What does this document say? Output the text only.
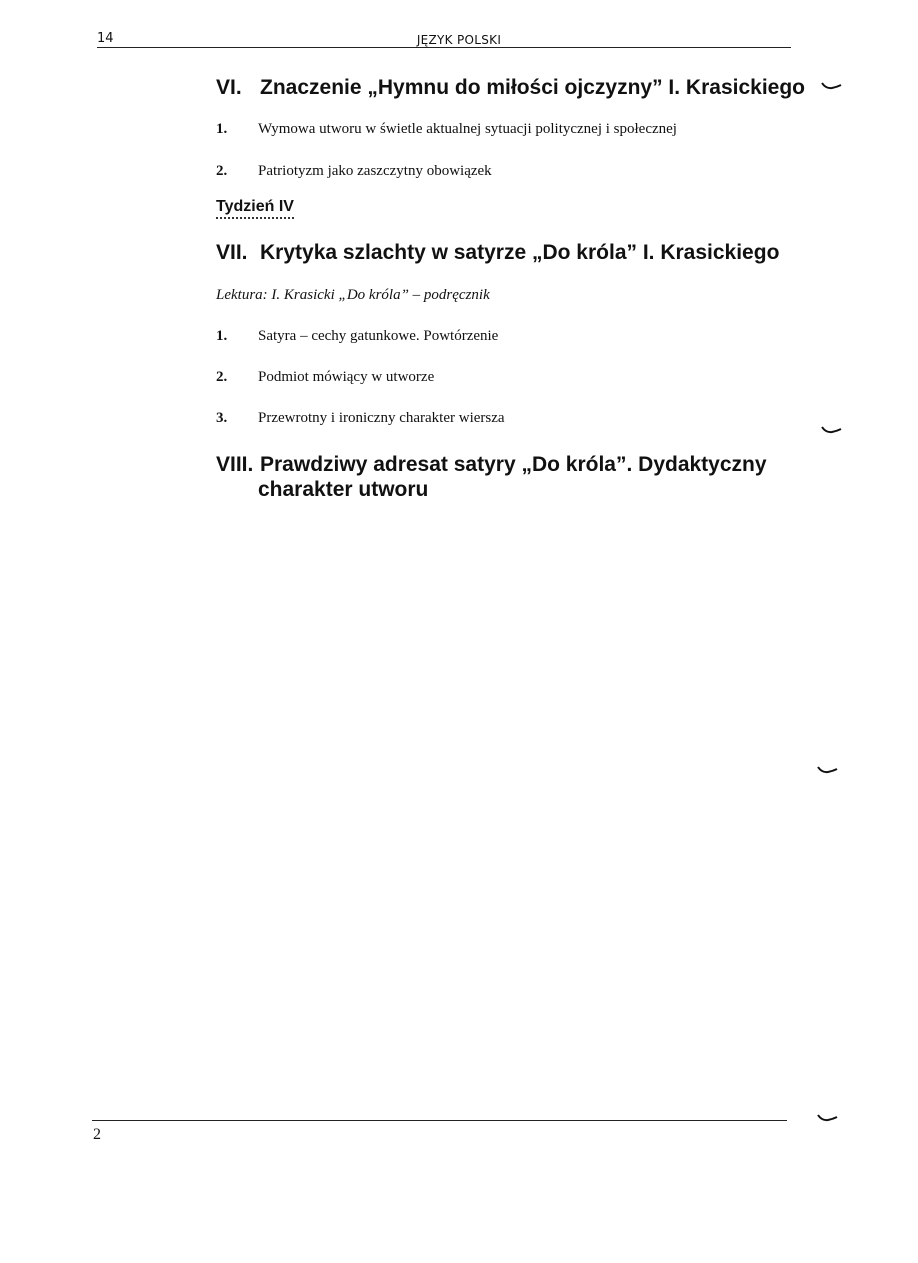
14	JĘZYK POLSKI
VI. Znaczenie „Hymnu do miłości ojczyzny” I. Krasickiego
1. Wymowa utworu w świetle aktualnej sytuacji politycznej i społecznej
2. Patriotyzm jako zaszczytny obowiązek
Tydzień IV
VII. Krytyka szlachty w satyrze „Do króla” I. Krasickiego
Lektura: I. Krasicki „Do króla” – podręcznik
1. Satyra – cechy gatunkowe. Powtórzenie
2. Podmiot mówiący w utworze
3. Przewrotny i ironiczny charakter wiersza
VIII. Prawdziwy adresat satyry „Do króla”. Dydaktyczny
charakter utworu
2
